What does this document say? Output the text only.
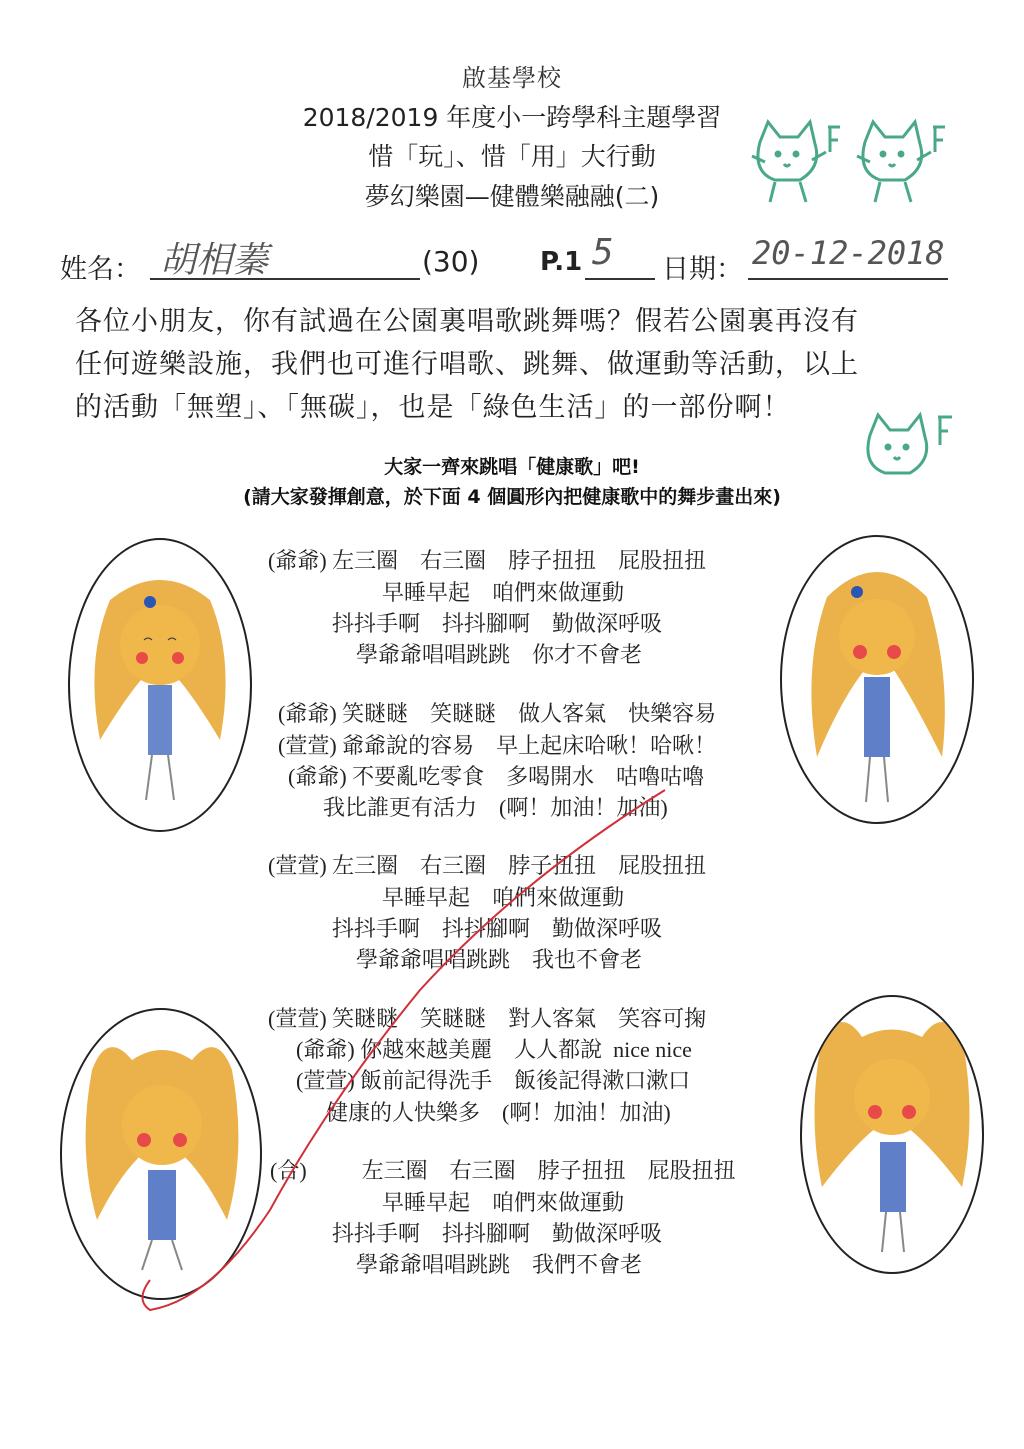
啟基學校
2018/2019 年度小一跨學科主題學習
惜「玩」、惜「用」大行動
夢幻樂園—健體樂融融(二)
姓名： 胡相蓁	(30) P.1 5 日期： 20-12-2018
各位小朋友，你有試過在公園裏唱歌跳舞嗎？假若公園裏再沒有
任何遊樂設施，我們也可進行唱歌、跳舞、做運動等活動，以上
的活動「無塑」、「無碳」，也是「綠色生活」的一部份啊！
大家一齊來跳唱「健康歌」吧!
(請大家發揮創意，於下面 4 個圓形內把健康歌中的舞步畫出來)
(爺爺) 左三圈    右三圈    脖子扭扭    屁股扭扭
早睡早起    咱們來做運動
抖抖手啊    抖抖腳啊    勤做深呼吸
學爺爺唱唱跳跳    你才不會老
(爺爺) 笑瞇瞇    笑瞇瞇    做人客氣    快樂容易
(萱萱) 爺爺說的容易    早上起床哈啾！哈啾！
(爺爺) 不要亂吃零食    多喝開水    咕嚕咕嚕
我比誰更有活力    (啊！加油！加油)
(萱萱) 左三圈    右三圈    脖子扭扭    屁股扭扭
早睡早起    咱們來做運動
抖抖手啊    抖抖腳啊    勤做深呼吸
學爺爺唱唱跳跳    我也不會老
(萱萱) 笑瞇瞇    笑瞇瞇    對人客氣    笑容可掬
(爺爺) 你越來越美麗    人人都說  nice nice
(萱萱) 飯前記得洗手    飯後記得漱口漱口
健康的人快樂多    (啊！加油！加油)
(合)          左三圈    右三圈    脖子扭扭    屁股扭扭
早睡早起    咱們來做運動
抖抖手啊    抖抖腳啊    勤做深呼吸
學爺爺唱唱跳跳    我們不會老
